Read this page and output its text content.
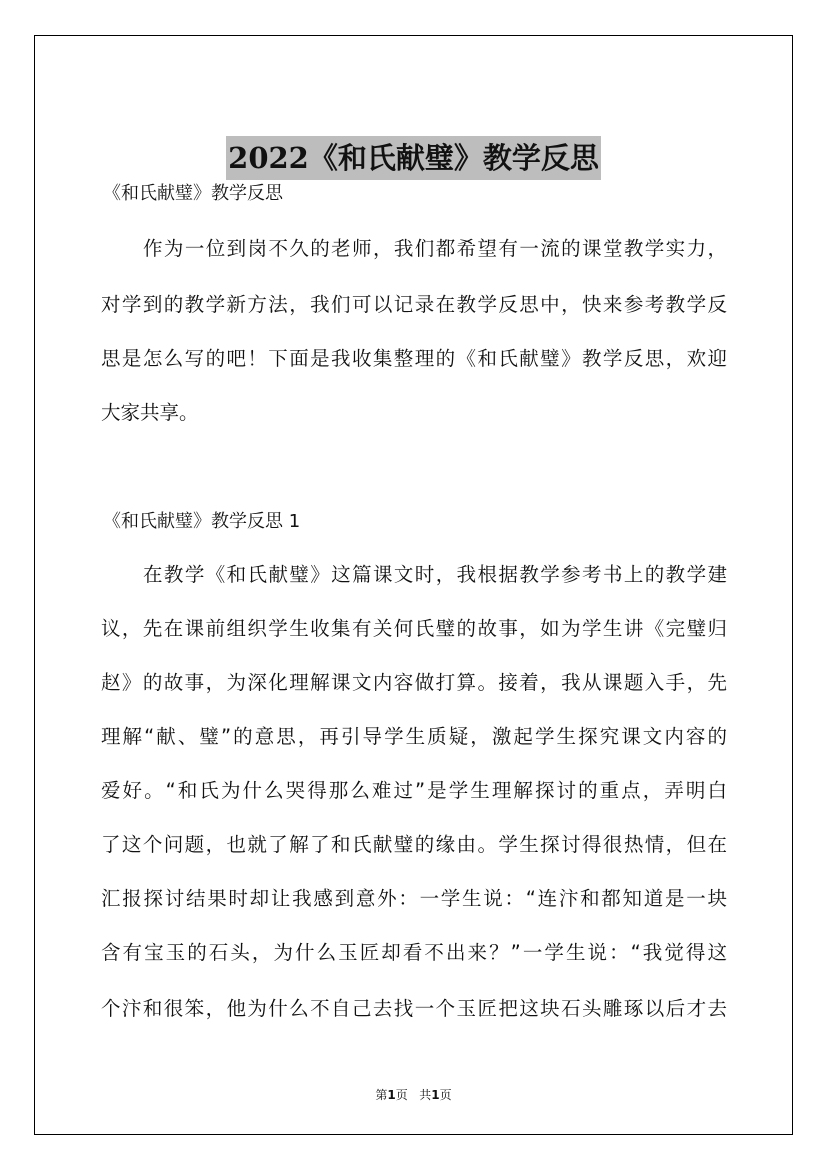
2022《和氏献璧》教学反思
《和氏献璧》教学反思
作为一位到岗不久的老师，我们都希望有一流的课堂教学实力，
对学到的教学新方法，我们可以记录在教学反思中，快来参考教学反
思是怎么写的吧！下面是我收集整理的《和氏献璧》教学反思，欢迎
大家共享。
《和氏献璧》教学反思 1
在教学《和氏献璧》这篇课文时，我根据教学参考书上的教学建
议，先在课前组织学生收集有关何氏璧的故事，如为学生讲《完璧归
赵》的故事，为深化理解课文内容做打算。接着，我从课题入手，先
理解“献、璧”的意思，再引导学生质疑，激起学生探究课文内容的
爱好。“和氏为什么哭得那么难过”是学生理解探讨的重点，弄明白
了这个问题，也就了解了和氏献璧的缘由。学生探讨得很热情，但在
汇报探讨结果时却让我感到意外：一学生说：“连汴和都知道是一块
含有宝玉的石头，为什么玉匠却看不出来？”一学生说：“我觉得这
个汴和很笨，他为什么不自己去找一个玉匠把这块石头雕琢以后才去
第1页 共1页
